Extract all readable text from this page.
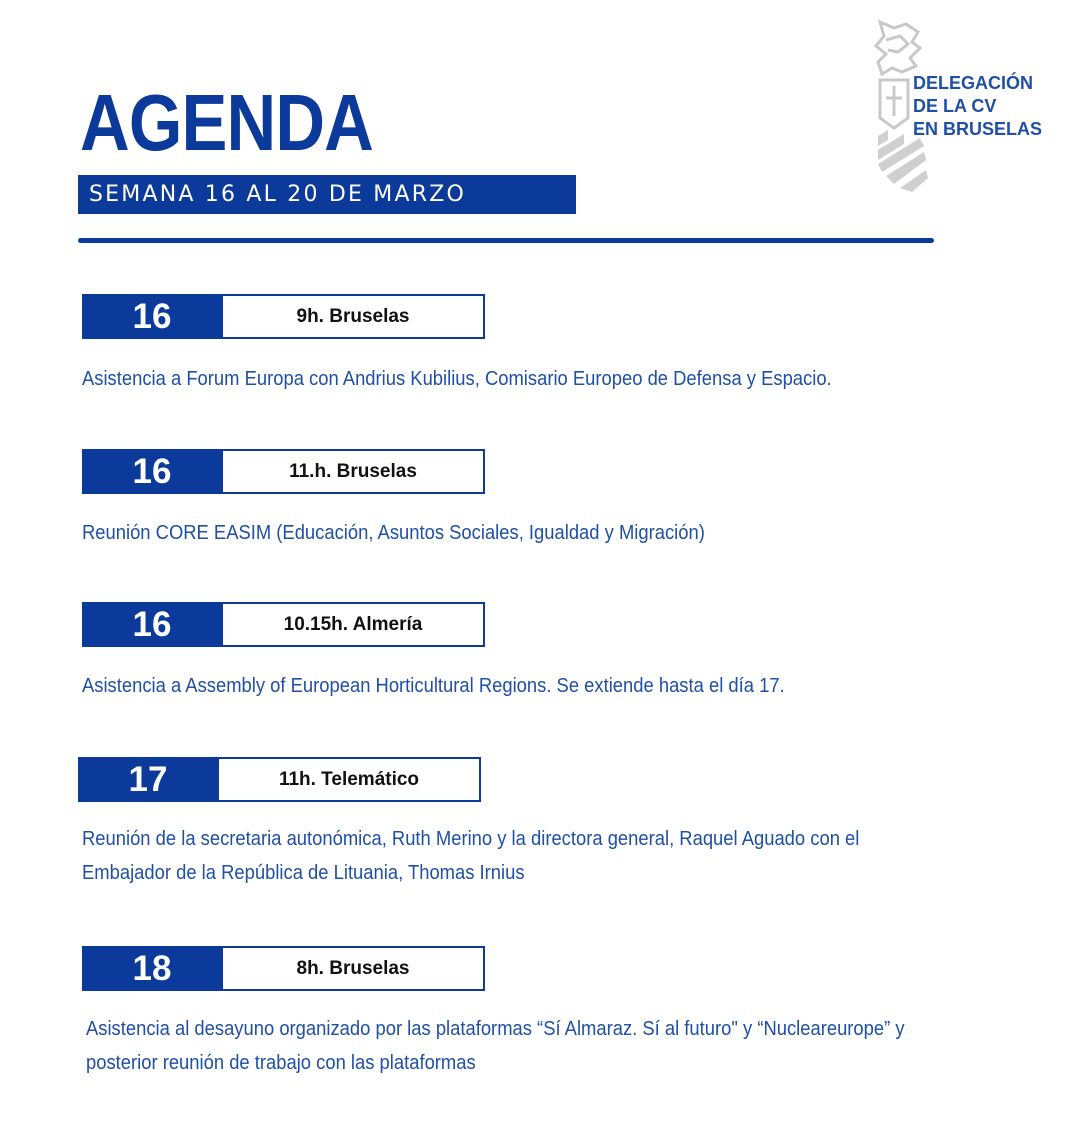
AGENDA
SEMANA 16 AL 20 DE MARZO
DELEGACIÓN
DE LA CV
EN BRUSELAS
16	9h. Bruselas
Asistencia a Forum Europa con Andrius Kubilius, Comisario Europeo de Defensa y Espacio.
16	11.h. Bruselas
Reunión CORE EASIM (Educación, Asuntos Sociales, Igualdad y Migración)
16	10.15h. Almería
Asistencia a Assembly of European Horticultural Regions. Se extiende hasta el día 17.
17	11h. Telemático
Reunión de la secretaria autonómica, Ruth Merino y la directora general, Raquel Aguado con el Embajador de la República de Lituania, Thomas Irnius
18	8h. Bruselas
Asistencia al desayuno organizado por las plataformas “Sí Almaraz. Sí al futuro" y “Nucleareurope” y posterior reunión de trabajo con las plataformas
